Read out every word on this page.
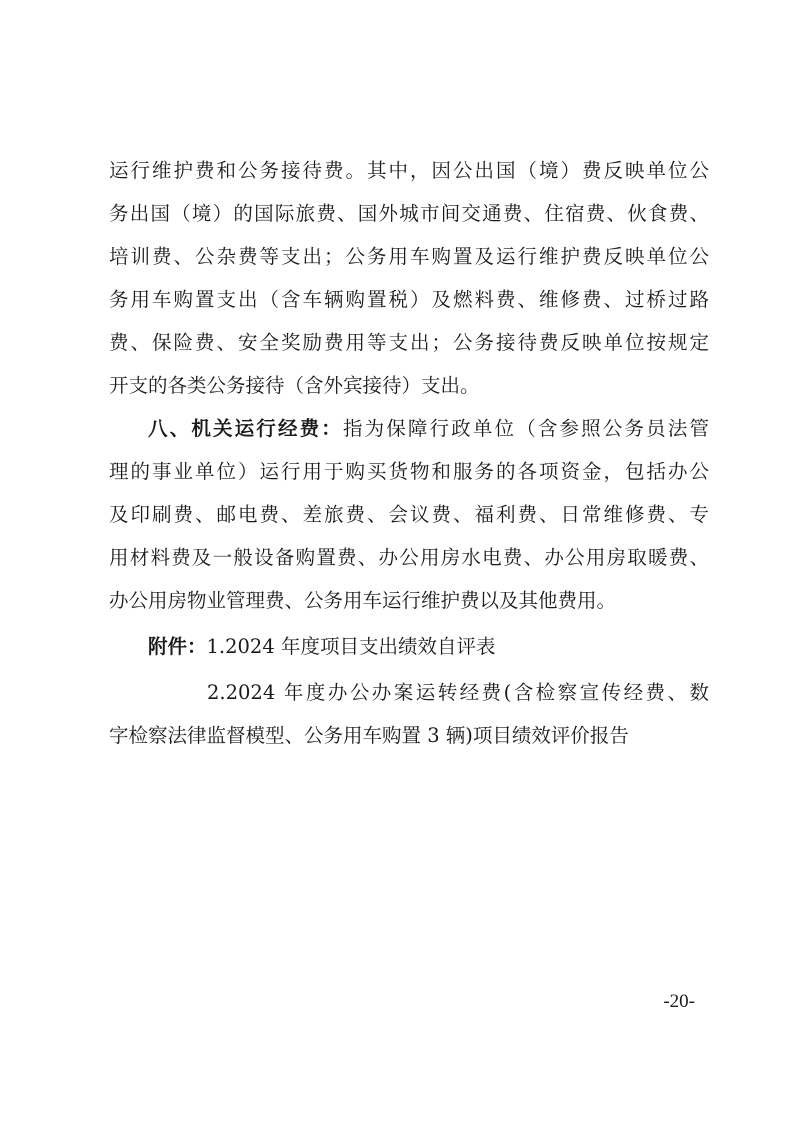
运行维护费和公务接待费。其中，因公出国（境）费反映单位公
务出国（境）的国际旅费、国外城市间交通费、住宿费、伙食费、
培训费、公杂费等支出；公务用车购置及运行维护费反映单位公
务用车购置支出（含车辆购置税）及燃料费、维修费、过桥过路
费、保险费、安全奖励费用等支出；公务接待费反映单位按规定
开支的各类公务接待（含外宾接待）支出。
八、机关运行经费：指为保障行政单位（含参照公务员法管
理的事业单位）运行用于购买货物和服务的各项资金，包括办公
及印刷费、邮电费、差旅费、会议费、福利费、日常维修费、专
用材料费及一般设备购置费、办公用房水电费、办公用房取暖费、
办公用房物业管理费、公务用车运行维护费以及其他费用。
附件：1.2024 年度项目支出绩效自评表
2.2024 年度办公办案运转经费(含检察宣传经费、数
字检察法律监督模型、公务用车购置 3 辆)项目绩效评价报告
-20-
